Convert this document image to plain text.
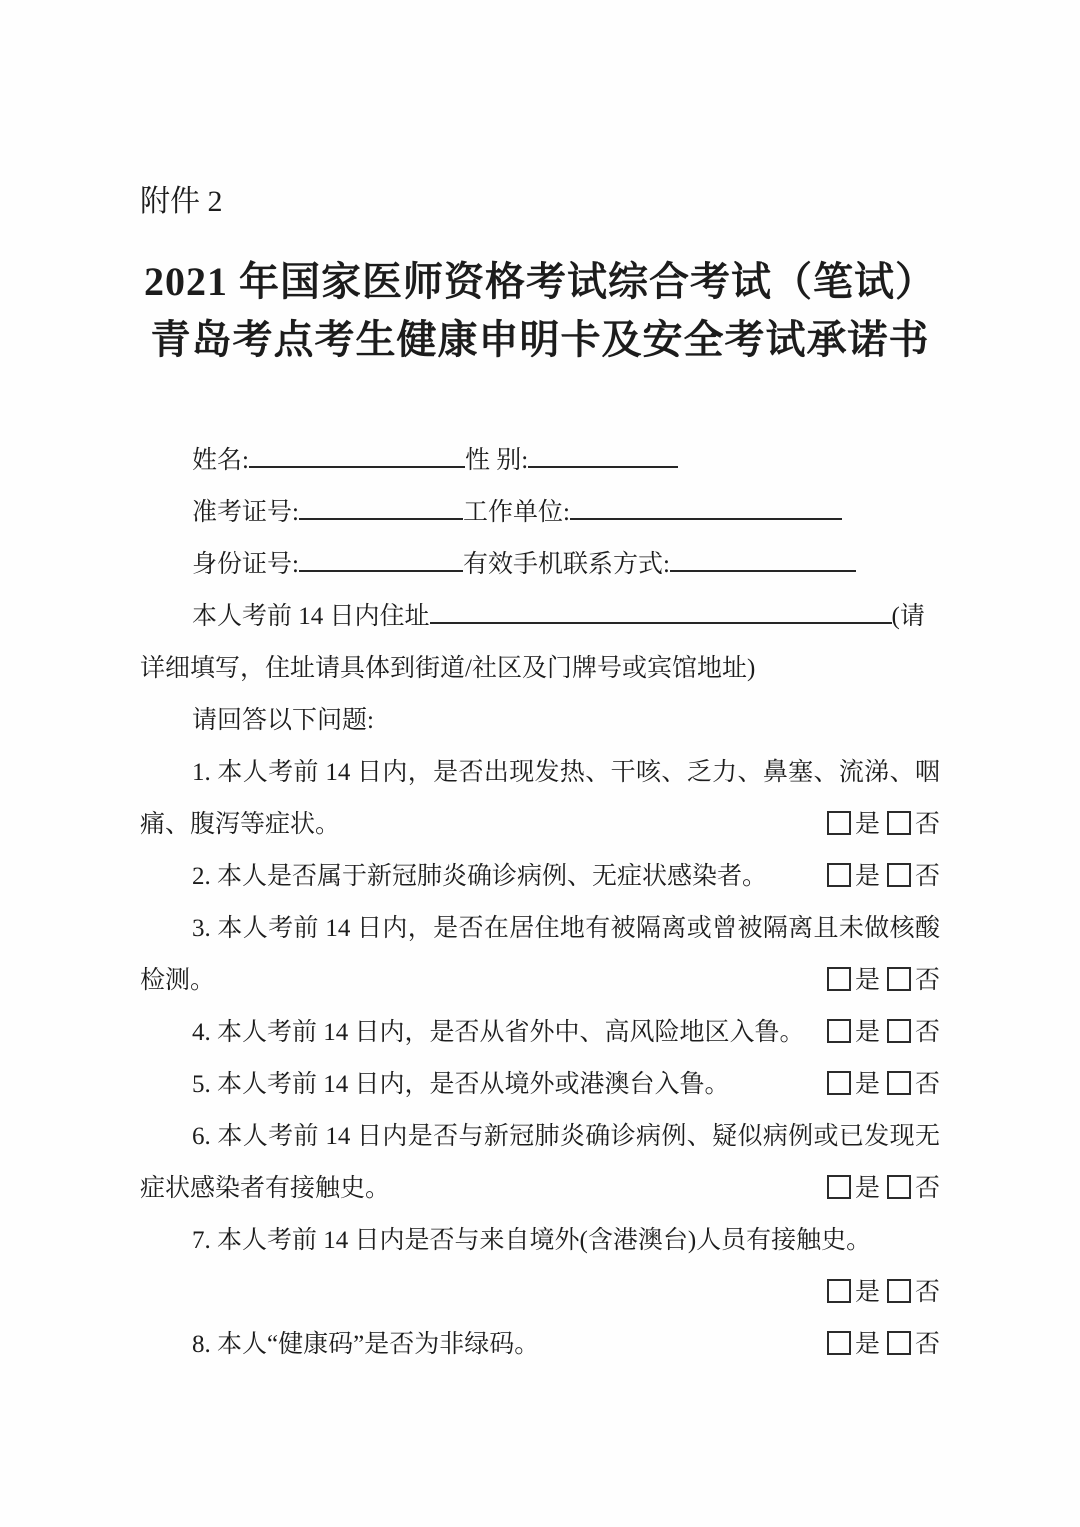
附件 2
2021 年国家医师资格考试综合考试（笔试）
青岛考点考生健康申明卡及安全考试承诺书
姓名:	性 别:
准考证号:	工作单位:
身份证号:	有效手机联系方式:
本人考前 14 日内住址	(请
详细填写，住址请具体到街道/社区及门牌号或宾馆地址)
请回答以下问题:
1. 本人考前 14 日内，是否出现发热、干咳、乏力、鼻塞、流涕、咽
痛、腹泻等症状。	是 否
2. 本人是否属于新冠肺炎确诊病例、无症状感染者。	是 否
3. 本人考前 14 日内，是否在居住地有被隔离或曾被隔离且未做核酸
检测。	是 否
4. 本人考前 14 日内，是否从省外中、高风险地区入鲁。	是 否
5. 本人考前 14 日内，是否从境外或港澳台入鲁。	是 否
6. 本人考前 14 日内是否与新冠肺炎确诊病例、疑似病例或已发现无
症状感染者有接触史。	是 否
7. 本人考前 14 日内是否与来自境外(含港澳台)人员有接触史。
是 否
8. 本人“健康码”是否为非绿码。	是 否
